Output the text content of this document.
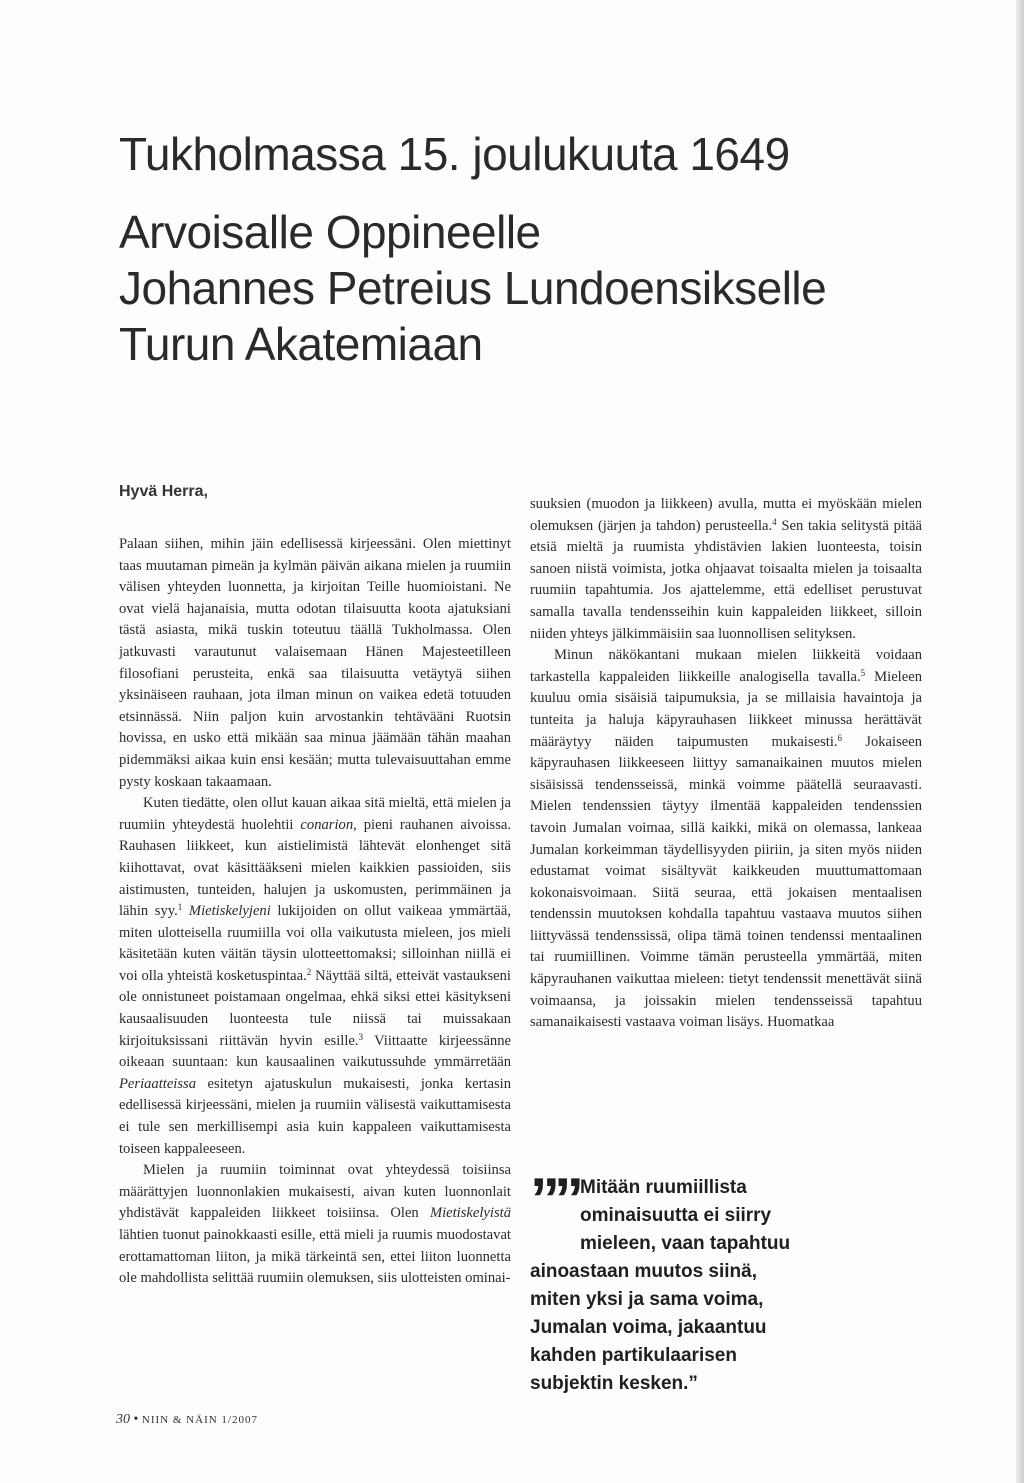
Tukholmassa 15. joulukuuta 1649
Arvoisalle Oppineelle
Johannes Petreius Lundoensikselle
Turun Akatemiaan
Hyvä Herra,

Palaan siihen, mihin jäin edellisessä kirjeessäni. Olen miettinyt taas muutaman pimeän ja kylmän päivän aikana mielen ja ruumiin välisen yhteyden luonnetta, ja kirjoitan Teille huomioistani. Ne ovat vielä hajanaisia, mutta odotan tilaisuutta koota ajatuksiani tästä asiasta, mikä tuskin toteutuu täällä Tukholmassa. Olen jatkuvasti varautunut valaisemaan Hänen Majesteetilleen filosofiani perusteita, enkä saa tilaisuutta vetäytyä siihen yksinäiseen rauhaan, jota ilman minun on vaikea edetä totuuden etsinnässä. Niin paljon kuin arvostankin tehtävääni Ruotsin hovissa, en usko että mikään saa minua jäämään tähän maahan pidemmäksi aikaa kuin ensi kesään; mutta tulevaisuuttahan emme pysty koskaan takaamaan.

Kuten tiedätte, olen ollut kauan aikaa sitä mieltä, että mielen ja ruumiin yhteydestä huolehtii conarion, pieni rauhanen aivoissa. Rauhasen liikkeet, kun aistielimistä lähtevät elonhenget sitä kiihottavat, ovat käsittääkseni mielen kaikkien passioiden, siis aistimusten, tunteiden, halujen ja uskomusten, perimmäinen ja lähin syy.$^1$ Mietiskelyjeni lukijoiden on ollut vaikeaa ymmärtää, miten ulotteisella ruumiilla voi olla vaikutusta mieleen, jos mieli käsitetään kuten väitän täysin ulotteettomaksi; silloinhan niillä ei voi olla yhteistä kosketuspintaa.$^2$ Näyttää siltä, etteivät vastaukseni ole onnistuneet poistamaan ongelmaa, ehkä siksi ettei käsitykseni kausaalisuuden luonteesta tule niissä tai muissakaan kirjoituksissani riittävän hyvin esille.$^3$ Viittaatte kirjeessänne oikeaan suuntaan: kun kausaalinen vaikutussuhde ymmärretään Periaatteissa esitetyn ajatuskulun mukaisesti, jonka kertasin edellisessä kirjeessäni, mielen ja ruumiin välisestä vaikuttamisesta ei tule sen merkillisempi asia kuin kappaleen vaikuttamisesta toiseen kappaleeseen.

Mielen ja ruumiin toiminnat ovat yhteydessä toisiinsa määrättyjen luonnonlakien mukaisesti, aivan kuten luonnonlait yhdistävät kappaleiden liikkeet toisiinsa. Olen Mietiskelyistä lähtien tuonut painokkaasti esille, että mieli ja ruumis muodostavat erottamattoman liiton, ja mikä tärkeintä sen, ettei liiton luonnetta ole mahdollista selittää ruumiin olemuksen, siis ulotteisten ominai-

suuksien (muodon ja liikkeen) avulla, mutta ei myöskään mielen olemuksen (järjen ja tahdon) perusteella.$^4$ Sen takia selitystä pitää etsiä mieltä ja ruumista yhdistävien lakien luonteesta, toisin sanoen niistä voimista, jotka ohjaavat toisaalta mielen ja toisaalta ruumiin tapahtumia. Jos ajattelemme, että edelliset perustuvat samalla tavalla tendensseihin kuin kappaleiden liikkeet, silloin niiden yhteys jälkimmäisiin saa luonnollisen selityksen.

Minun näkökantani mukaan mielen liikkeitä voidaan tarkastella kappaleiden liikkeille analogisella tavalla.$^5$ Mieleen kuuluu omia sisäisiä taipumuksia, ja se millaisia havaintoja ja tunteita ja haluja käpyrauhasen liikkeet minussa herättävät määräytyy näiden taipumusten mukaisesti.$^6$ Jokaiseen käpyrauhasen liikkeeseen liittyy samanaikainen muutos mielen sisäisissä tendensseissä, minkä voimme päätellä seuraavasti. Mielen tendenssien täytyy ilmentää kappaleiden tendenssien tavoin Jumalan voimaa, sillä kaikki, mikä on olemassa, lankeaa Jumalan korkeimman täydellisyyden piiriin, ja siten myös niiden edustamat voimat sisältyvät kaikkeuden muuttumattomaan kokonaisvoimaan. Siitä seuraa, että jokaisen mentaalisen tendenssin muutoksen kohdalla tapahtuu vastaava muutos siihen liittyvässä tendenssissä, olipa tämä toinen tendenssi mentaalinen tai ruumiillinen. Voimme tämän perusteella ymmärtää, miten käpyrauhanen vaikuttaa mieleen: tietyt tendenssit menettävät siinä voimaansa, ja joissakin mielen tendensseissä tapahtuu samanaikaisesti vastaava voiman lisäys. Huomatkaa

”” Mitään ruumiillista
ominaisuutta ei siirry
mieleen, vaan tapahtuu
ainoastaan muutos siinä,
miten yksi ja sama voima,
Jumalan voima, jakaantuu
kahden partikulaarisen
subjektin kesken.”
30 • NIIN & NÄIN 1/2007
